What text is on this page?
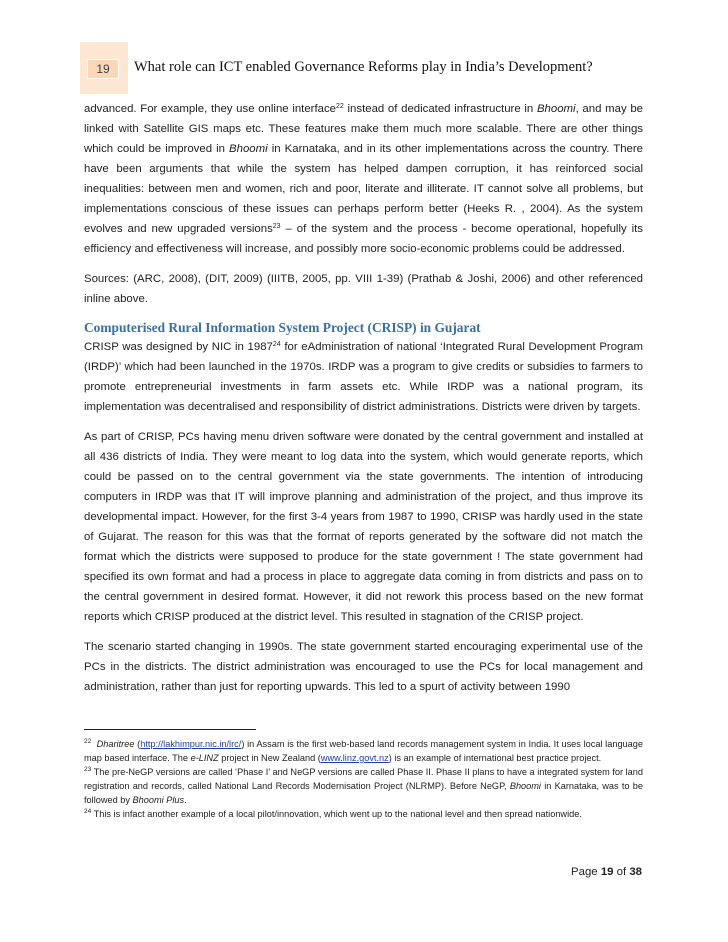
19	What role can ICT enabled Governance Reforms play in India’s Development?

advanced. For example, they use online interface$^{22}$ instead of dedicated infrastructure in Bhoomi, and may be linked with Satellite GIS maps etc. These features make them much more scalable. There are other things which could be improved in Bhoomi in Karnataka, and in its other implementations across the country. There have been arguments that while the system has helped dampen corruption, it has reinforced social inequalities: between men and women, rich and poor, literate and illiterate. IT cannot solve all problems, but implementations conscious of these issues can perhaps perform better (Heeks R. , 2004). As the system evolves and new upgraded versions$^{23}$ – of the system and the process - become operational, hopefully its efficiency and effectiveness will increase, and possibly more socio-economic problems could be addressed.

Sources: (ARC, 2008), (DIT, 2009) (IIITB, 2005, pp. VIII 1-39) (Prathab & Joshi, 2006) and other referenced inline above.

Computerised Rural Information System Project (CRISP) in Gujarat

CRISP was designed by NIC in 1987$^{24}$ for eAdministration of national ‘Integrated Rural Development Program (IRDP)’ which had been launched in the 1970s. IRDP was a program to give credits or subsidies to farmers to promote entrepreneurial investments in farm assets etc. While IRDP was a national program, its implementation was decentralised and responsibility of district administrations. Districts were driven by targets.

As part of CRISP, PCs having menu driven software were donated by the central government and installed at all 436 districts of India. They were meant to log data into the system, which would generate reports, which could be passed on to the central government via the state governments. The intention of introducing computers in IRDP was that IT will improve planning and administration of the project, and thus improve its developmental impact. However, for the first 3-4 years from 1987 to 1990, CRISP was hardly used in the state of Gujarat. The reason for this was that the format of reports generated by the software did not match the format which the districts were supposed to produce for the state government ! The state government had specified its own format and had a process in place to aggregate data coming in from districts and pass on to the central government in desired format. However, it did not rework this process based on the new format reports which CRISP produced at the district level. This resulted in stagnation of the CRISP project.

The scenario started changing in 1990s. The state government started encouraging experimental use of the PCs in the districts. The district administration was encouraged to use the PCs for local management and administration, rather than just for reporting upwards. This led to a spurt of activity between 1990

$^{22}$ Dharitree (http://lakhimpur.nic.in/lrc/) in Assam is the first web-based land records management system in India. It uses local language map based interface. The e-LINZ project in New Zealand (www.linz.govt.nz) is an example of international best practice project.

$^{23}$ The pre-NeGP versions are called ‘Phase I’ and NeGP versions are called Phase II. Phase II plans to have a integrated system for land registration and records, called National Land Records Modernisation Project (NLRMP). Before NeGP, Bhoomi in Karnataka, was to be followed by Bhoomi Plus.

$^{24}$ This is infact another example of a local pilot/innovation, which went up to the national level and then spread nationwide.

Page 19 of 38
